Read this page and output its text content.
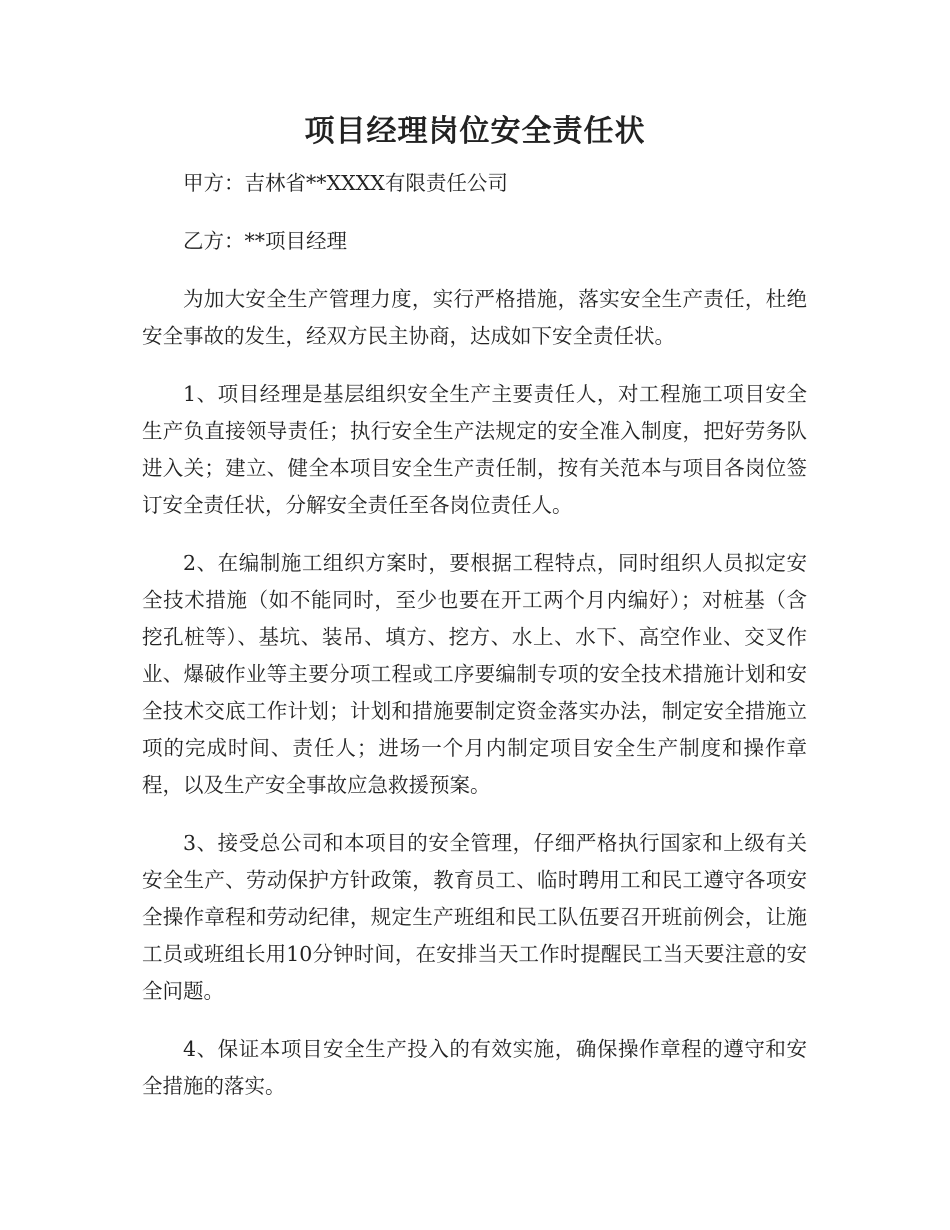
项目经理岗位安全责任状

甲方：吉林省**XXXX有限责任公司

乙方：**项目经理

为加大安全生产管理力度，实行严格措施，落实安全生产责任，杜绝安全事故的发生，经双方民主协商，达成如下安全责任状。

1、项目经理是基层组织安全生产主要责任人，对工程施工项目安全生产负直接领导责任；执行安全生产法规定的安全准入制度，把好劳务队进入关；建立、健全本项目安全生产责任制，按有关范本与项目各岗位签订安全责任状，分解安全责任至各岗位责任人。

2、在编制施工组织方案时，要根据工程特点，同时组织人员拟定安全技术措施（如不能同时，至少也要在开工两个月内编好）；对桩基（含挖孔桩等）、基坑、装吊、填方、挖方、水上、水下、高空作业、交叉作业、爆破作业等主要分项工程或工序要编制专项的安全技术措施计划和安全技术交底工作计划；计划和措施要制定资金落实办法，制定安全措施立项的完成时间、责任人；进场一个月内制定项目安全生产制度和操作章程，以及生产安全事故应急救援预案。

3、接受总公司和本项目的安全管理，仔细严格执行国家和上级有关安全生产、劳动保护方针政策，教育员工、临时聘用工和民工遵守各项安全操作章程和劳动纪律，规定生产班组和民工队伍要召开班前例会，让施工员或班组长用10分钟时间，在安排当天工作时提醒民工当天要注意的安全问题。

4、保证本项目安全生产投入的有效实施，确保操作章程的遵守和安全措施的落实。
